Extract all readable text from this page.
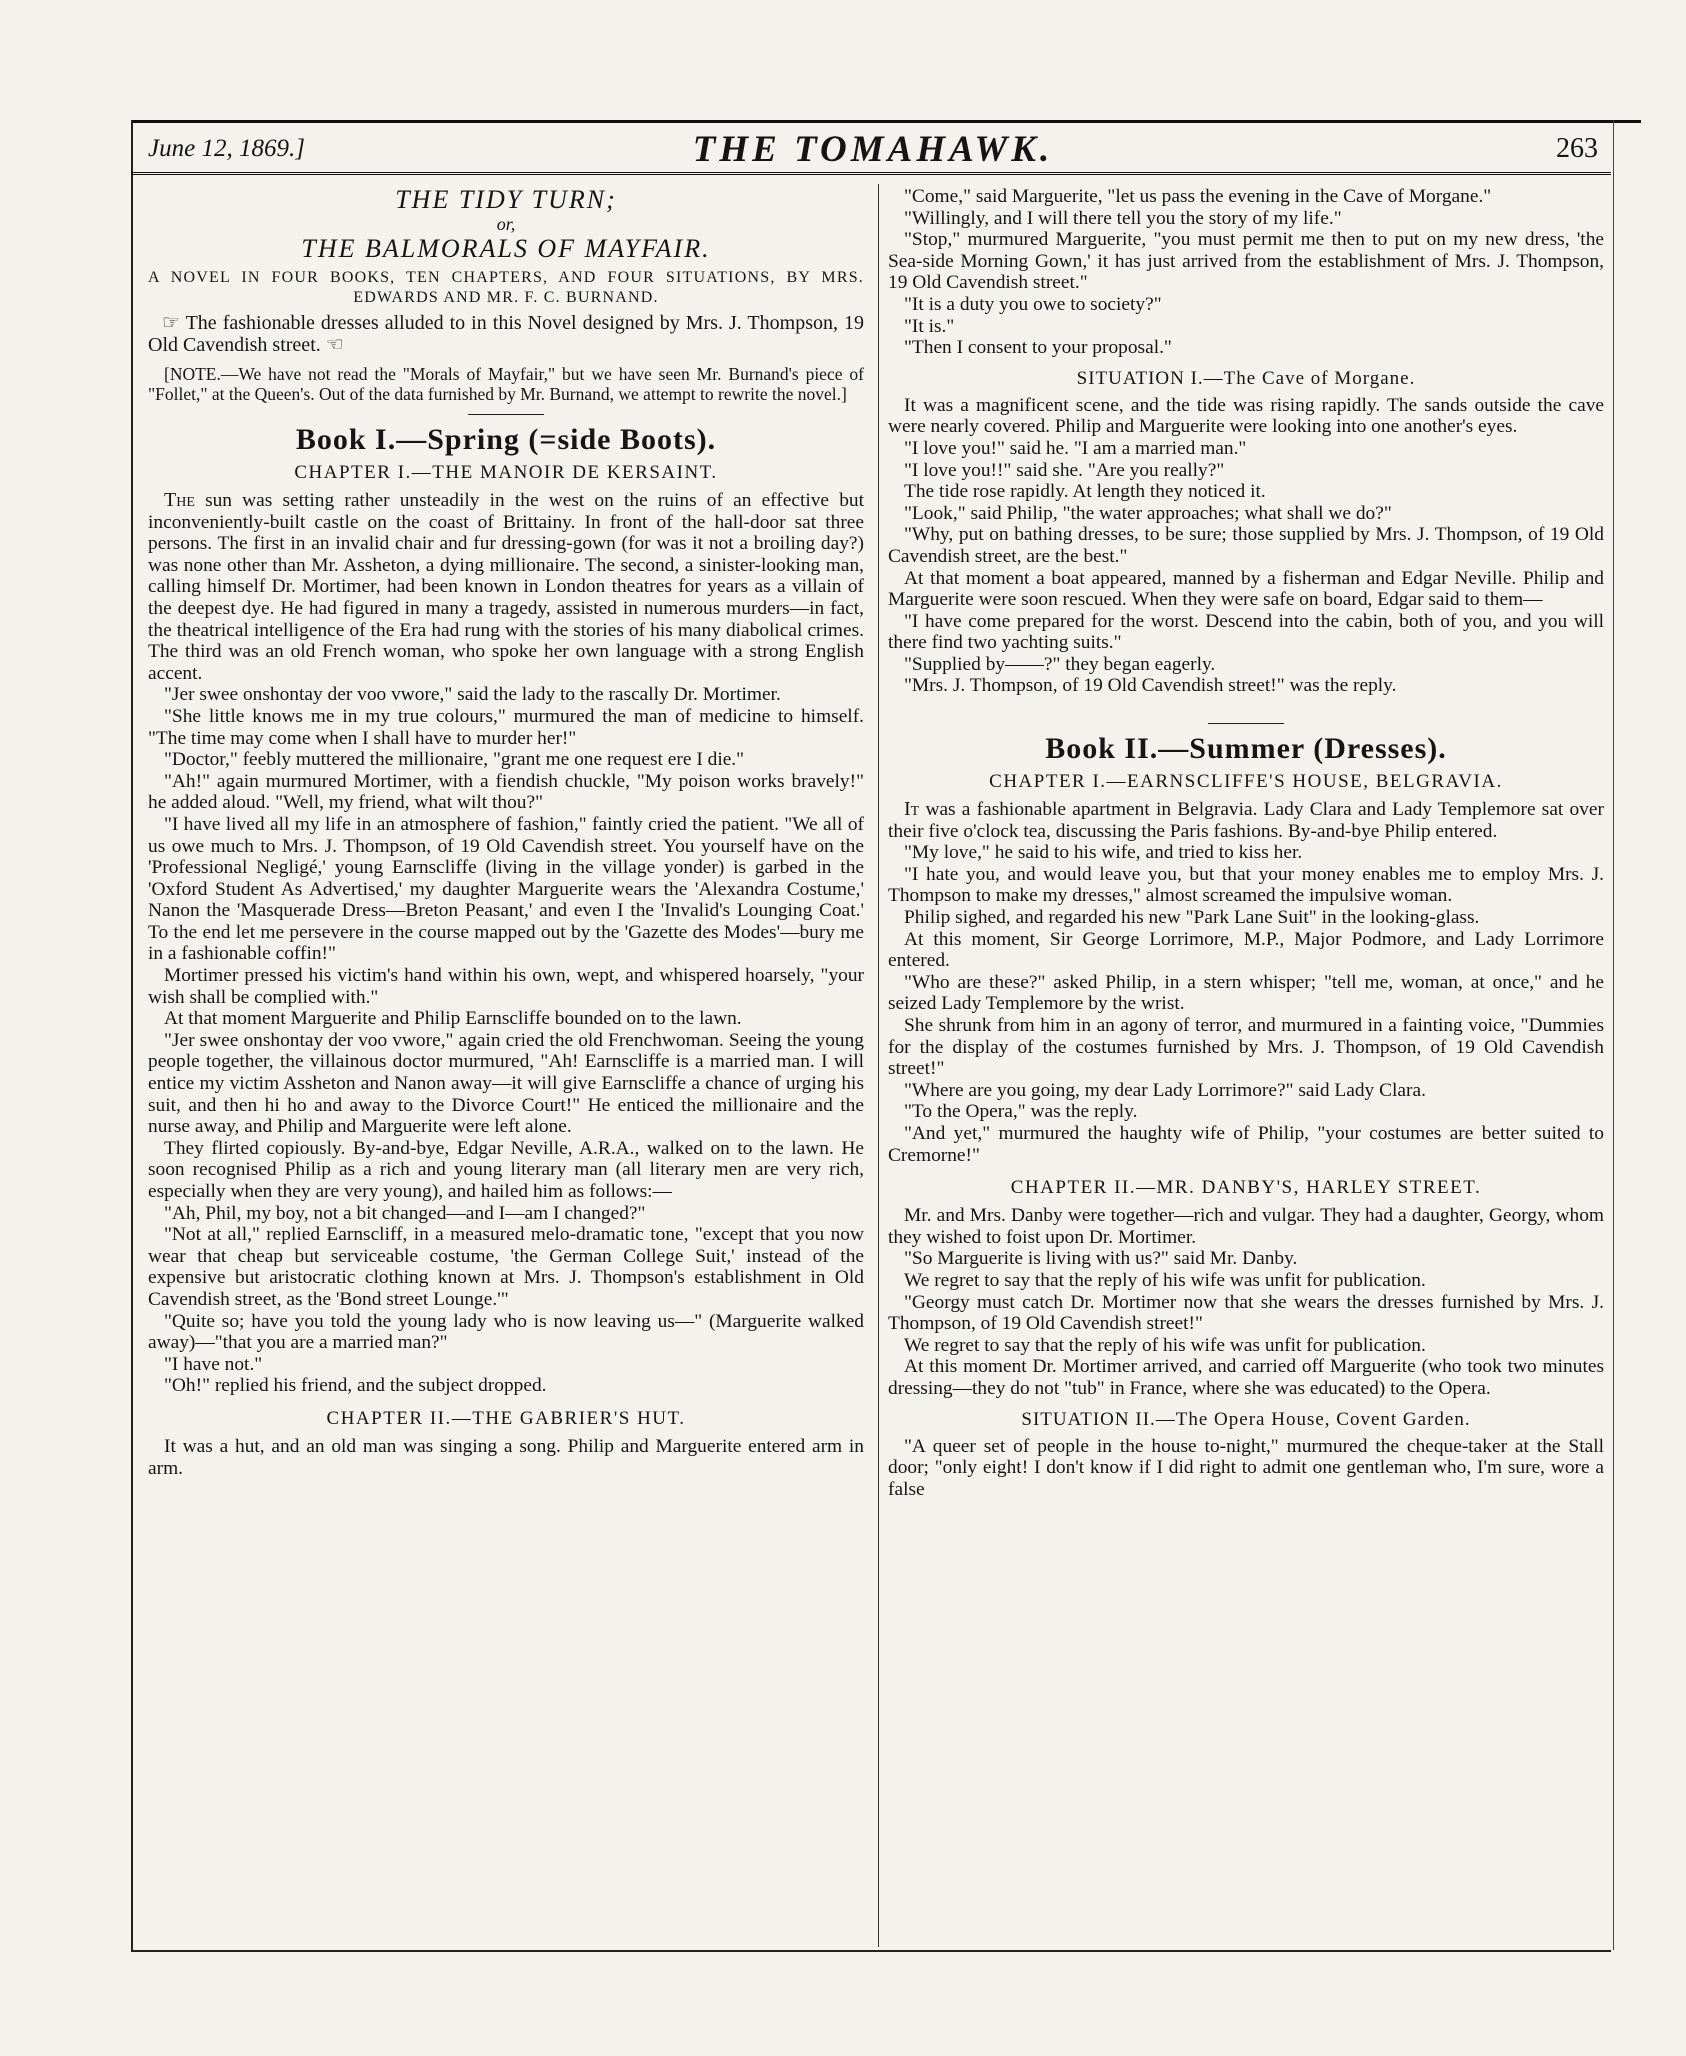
June 12, 1869.]	THE TOMAHAWK.	263
THE TIDY TURN;
or,
THE BALMORALS OF MAYFAIR.
A NOVEL IN FOUR BOOKS, TEN CHAPTERS, AND FOUR SITUATIONS, BY MRS. EDWARDS AND MR. F. C. BURNAND.

☞ The fashionable dresses alluded to in this Novel designed by Mrs. J. Thompson, 19 Old Cavendish street. ☜

[NOTE.—We have not read the "Morals of Mayfair," but we have seen Mr. Burnand's piece of "Follet," at the Queen's. Out of the data furnished by Mr. Burnand, we attempt to rewrite the novel.]

Book I.—Spring (=side Boots).
CHAPTER I.—THE MANOIR DE KERSAINT.

The sun was setting rather unsteadily in the west on the ruins of an effective but inconveniently-built castle on the coast of Brittainy. In front of the hall-door sat three persons. The first in an invalid chair and fur dressing-gown (for was it not a broiling day?) was none other than Mr. Assheton, a dying millionaire. The second, a sinister-looking man, calling himself Dr. Mortimer, had been known in London theatres for years as a villain of the deepest dye. He had figured in many a tragedy, assisted in numerous murders—in fact, the theatrical intelligence of the Era had rung with the stories of his many diabolical crimes. The third was an old French woman, who spoke her own language with a strong English accent.

"Jer swee onshontay der voo vwore," said the lady to the rascally Dr. Mortimer.

"She little knows me in my true colours," murmured the man of medicine to himself. "The time may come when I shall have to murder her!"

"Doctor," feebly muttered the millionaire, "grant me one request ere I die."

"Ah!" again murmured Mortimer, with a fiendish chuckle, "My poison works bravely!" he added aloud. "Well, my friend, what wilt thou?"

"I have lived all my life in an atmosphere of fashion," faintly cried the patient. "We all of us owe much to Mrs. J. Thompson, of 19 Old Cavendish street. You yourself have on the 'Professional Negligé,' young Earnscliffe (living in the village yonder) is garbed in the 'Oxford Student As Advertised,' my daughter Marguerite wears the 'Alexandra Costume,' Nanon the 'Masquerade Dress—Breton Peasant,' and even I the 'Invalid's Lounging Coat.' To the end let me persevere in the course mapped out by the 'Gazette des Modes'—bury me in a fashionable coffin!"

Mortimer pressed his victim's hand within his own, wept, and whispered hoarsely, "your wish shall be complied with."

At that moment Marguerite and Philip Earnscliffe bounded on to the lawn.

"Jer swee onshontay der voo vwore," again cried the old Frenchwoman. Seeing the young people together, the villainous doctor murmured, "Ah! Earnscliffe is a married man. I will entice my victim Assheton and Nanon away—it will give Earnscliffe a chance of urging his suit, and then hi ho and away to the Divorce Court!" He enticed the millionaire and the nurse away, and Philip and Marguerite were left alone.

They flirted copiously. By-and-bye, Edgar Neville, A.R.A., walked on to the lawn. He soon recognised Philip as a rich and young literary man (all literary men are very rich, especially when they are very young), and hailed him as follows:—

"Ah, Phil, my boy, not a bit changed—and I—am I changed?"

"Not at all," replied Earnscliff, in a measured melo-dramatic tone, "except that you now wear that cheap but serviceable costume, 'the German College Suit,' instead of the expensive but aristocratic clothing known at Mrs. J. Thompson's establishment in Old Cavendish street, as the 'Bond street Lounge.'"

"Quite so; have you told the young lady who is now leaving us—" (Marguerite walked away)—"that you are a married man?"

"I have not."

"Oh!" replied his friend, and the subject dropped.

CHAPTER II.—THE GABRIER'S HUT.

It was a hut, and an old man was singing a song. Philip and Marguerite entered arm in arm.

"Come," said Marguerite, "let us pass the evening in the Cave of Morgane."

"Willingly, and I will there tell you the story of my life."

"Stop," murmured Marguerite, "you must permit me then to put on my new dress, 'the Sea-side Morning Gown,' it has just arrived from the establishment of Mrs. J. Thompson, 19 Old Cavendish street."

"It is a duty you owe to society?"

"It is."

"Then I consent to your proposal."

SITUATION I.—The Cave of Morgane.

It was a magnificent scene, and the tide was rising rapidly. The sands outside the cave were nearly covered. Philip and Marguerite were looking into one another's eyes.

"I love you!" said he. "I am a married man."

"I love you!!" said she. "Are you really?"

The tide rose rapidly. At length they noticed it.

"Look," said Philip, "the water approaches; what shall we do?"

"Why, put on bathing dresses, to be sure; those supplied by Mrs. J. Thompson, of 19 Old Cavendish street, are the best."

At that moment a boat appeared, manned by a fisherman and Edgar Neville. Philip and Marguerite were soon rescued. When they were safe on board, Edgar said to them—

"I have come prepared for the worst. Descend into the cabin, both of you, and you will there find two yachting suits."

"Supplied by——?" they began eagerly.

"Mrs. J. Thompson, of 19 Old Cavendish street!" was the reply.

Book II.—Summer (Dresses).
CHAPTER I.—EARNSCLIFFE'S HOUSE, BELGRAVIA.

It was a fashionable apartment in Belgravia. Lady Clara and Lady Templemore sat over their five o'clock tea, discussing the Paris fashions. By-and-bye Philip entered.

"My love," he said to his wife, and tried to kiss her.

"I hate you, and would leave you, but that your money enables me to employ Mrs. J. Thompson to make my dresses," almost screamed the impulsive woman.

Philip sighed, and regarded his new "Park Lane Suit" in the looking-glass.

At this moment, Sir George Lorrimore, M.P., Major Podmore, and Lady Lorrimore entered.

"Who are these?" asked Philip, in a stern whisper; "tell me, woman, at once," and he seized Lady Templemore by the wrist.

She shrunk from him in an agony of terror, and murmured in a fainting voice, "Dummies for the display of the costumes furnished by Mrs. J. Thompson, of 19 Old Cavendish street!"

"Where are you going, my dear Lady Lorrimore?" said Lady Clara.

"To the Opera," was the reply.

"And yet," murmured the haughty wife of Philip, "your costumes are better suited to Cremorne!"

CHAPTER II.—MR. DANBY'S, HARLEY STREET.

Mr. and Mrs. Danby were together—rich and vulgar. They had a daughter, Georgy, whom they wished to foist upon Dr. Mortimer.

"So Marguerite is living with us?" said Mr. Danby.

We regret to say that the reply of his wife was unfit for publication.

"Georgy must catch Dr. Mortimer now that she wears the dresses furnished by Mrs. J. Thompson, of 19 Old Cavendish street!"

We regret to say that the reply of his wife was unfit for publication.

At this moment Dr. Mortimer arrived, and carried off Marguerite (who took two minutes dressing—they do not "tub" in France, where she was educated) to the Opera.

SITUATION II.—The Opera House, Covent Garden.

"A queer set of people in the house to-night," murmured the cheque-taker at the Stall door; "only eight! I don't know if I did right to admit one gentleman who, I'm sure, wore a false
